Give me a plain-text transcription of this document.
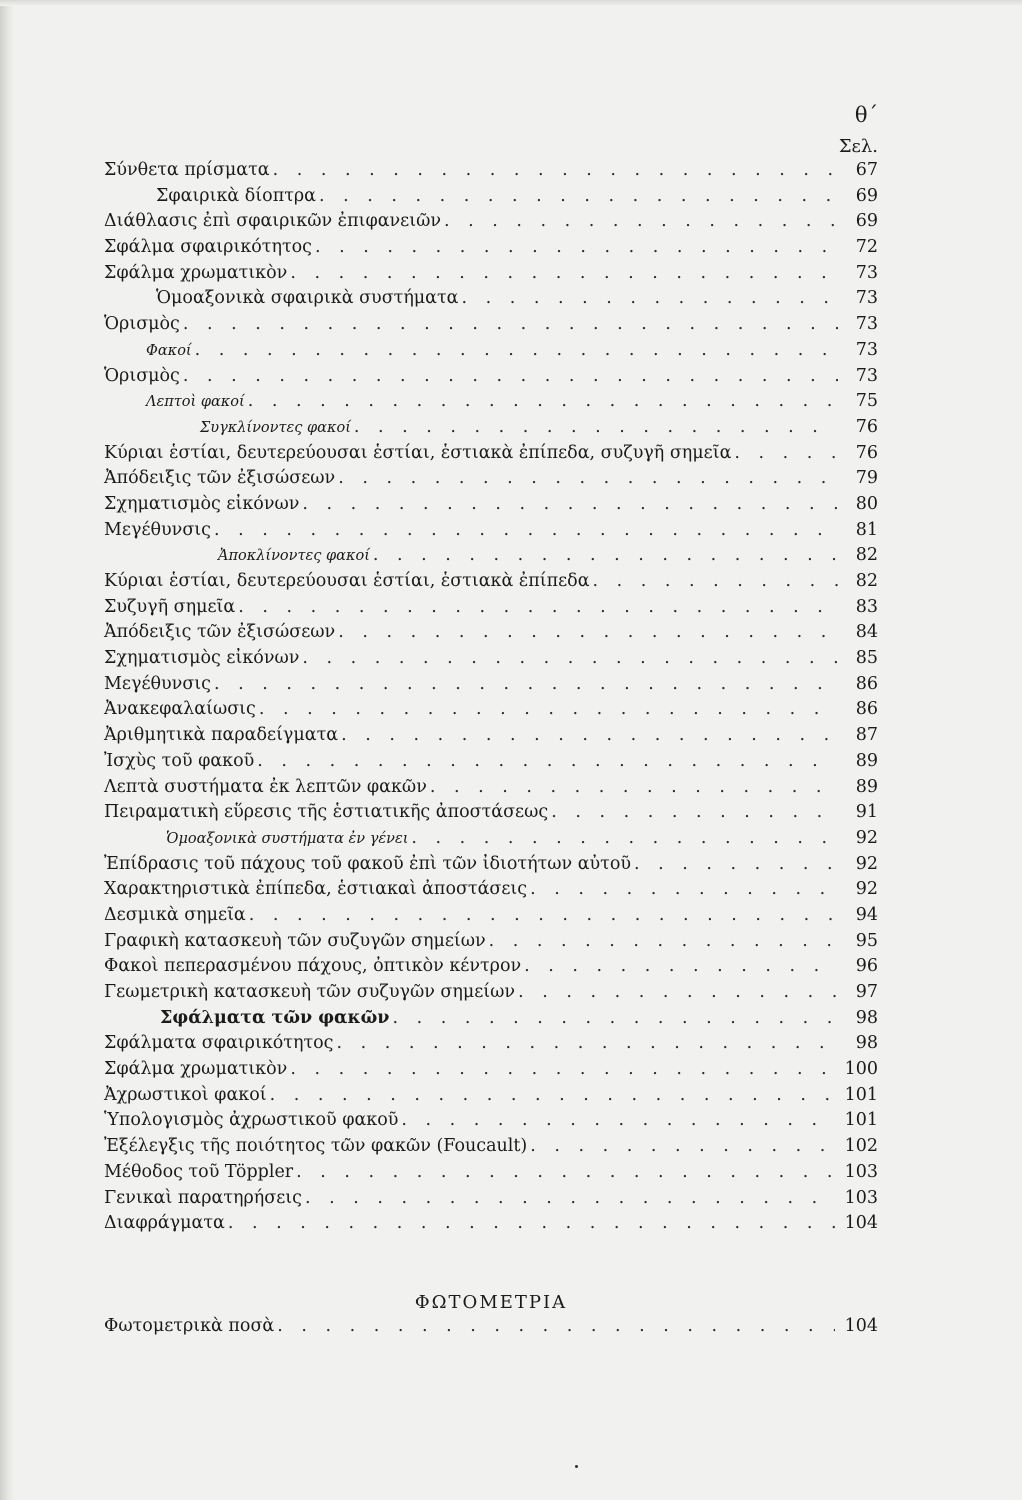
θ΄
Σελ.
Σύνθετα πρίσματα . . .	67
Σφαιρικὰ δίοπτρα . . .	69
Διάθλασις ἐπὶ σφαιρικῶν ἐπιφανειῶν . . .	69
Σφάλμα σφαιρικότητος . . .	72
Σφάλμα χρωματικὸν . . .	73
Ὁμοαξονικὰ σφαιρικὰ συστήματα . . .	73
Ὁρισμὸς . . .	73
Φακοί . . .	73
Ὁρισμὸς . . .	73
Λεπτοὶ φακοί . . .	75
Συγκλίνοντες φακοί . . .	76
Κύριαι ἑστίαι, δευτερεύουσαι ἑστίαι, ἑστιακὰ ἐπίπεδα, συζυγῆ σημεῖα . . .	76
Ἀπόδειξις τῶν ἐξισώσεων . . .	79
Σχηματισμὸς εἰκόνων . . .	80
Μεγέθυνσις . . .	81
Ἀποκλίνοντες φακοί . . .	82
Κύριαι ἑστίαι, δευτερεύουσαι ἑστίαι, ἑστιακὰ ἐπίπεδα . . .	82
Συζυγῆ σημεῖα . . .	83
Ἀπόδειξις τῶν ἐξισώσεων . . .	84
Σχηματισμὸς εἰκόνων . . .	85
Μεγέθυνσις . . .	86
Ἀνακεφαλαίωσις . . .	86
Ἀριθμητικὰ παραδείγματα . . .	87
Ἰσχὺς τοῦ φακοῦ . . .	89
Λεπτὰ συστήματα ἐκ λεπτῶν φακῶν . . .	89
Πειραματικὴ εὕρεσις τῆς ἑστιατικῆς ἀποστάσεως . . .	91
Ὁμοαξονικὰ συστήματα ἐν γένει . . .	92
Ἐπίδρασις τοῦ πάχους τοῦ φακοῦ ἐπὶ τῶν ἰδιοτήτων αὐτοῦ . . .	92
Χαρακτηριστικὰ ἐπίπεδα, ἑστιακαὶ ἀποστάσεις . . .	92
Δεσμικὰ σημεῖα . . .	94
Γραφικὴ κατασκευὴ τῶν συζυγῶν σημείων . . .	95
Φακοὶ πεπερασμένου πάχους, ὀπτικὸν κέντρον . . .	96
Γεωμετρικὴ κατασκευὴ τῶν συζυγῶν σημείων . . .	97
Σφάλματα τῶν φακῶν . . .	98
Σφάλματα σφαιρικότητος . . .	98
Σφάλμα χρωματικὸν . . .	100
Ἀχρωστικοὶ φακοί . . .	101
Ὑπολογισμὸς ἀχρωστικοῦ φακοῦ . . .	101
Ἐξέλεγξις τῆς ποιότητος τῶν φακῶν (Foucault) . . .	102
Μέθοδος τοῦ Töppler . . .	103
Γενικαὶ παρατηρήσεις . . .	103
Διαφράγματα . . .	104
ΦΩΤΟΜΕΤΡΙΑ
Φωτομετρικὰ ποσὰ . . .	104
